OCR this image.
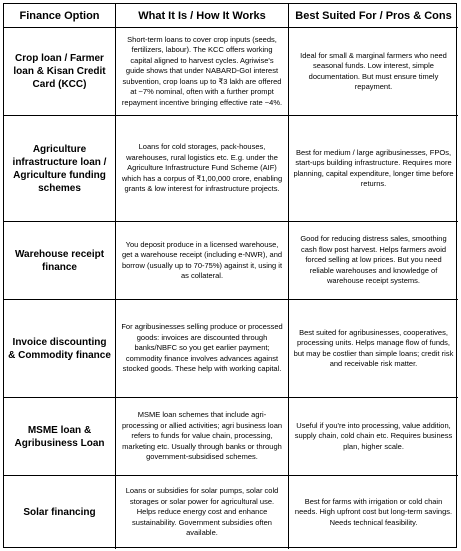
Finance Option	What It Is / How It Works	Best Suited For / Pros & Cons
Crop loan / Farmer loan & Kisan Credit Card (KCC)
Short-term loans to cover crop inputs (seeds, fertilizers, labour). The KCC offers working capital aligned to harvest cycles. Agriwise's guide shows that under NABARD-GoI interest subvention, crop loans up to ₹3 lakh are offered at ~7% nominal, often with a further prompt repayment incentive bringing effective rate ~4%.
Ideal for small & marginal farmers who need seasonal funds. Low interest, simple documentation. But must ensure timely repayment.
Agriculture infrastructure loan / Agriculture funding schemes
Loans for cold storages, pack-houses, warehouses, rural logistics etc. E.g. under the Agriculture Infrastructure Fund Scheme (AIF) which has a corpus of ₹1,00,000 crore, enabling grants & low interest for infrastructure projects.
Best for medium / large agribusinesses, FPOs, start-ups building infrastructure. Requires more planning, capital expenditure, longer time before returns.
Warehouse receipt finance
You deposit produce in a licensed warehouse, get a warehouse receipt (including e-NWR), and borrow (usually up to 70-75%) against it, using it as collateral.
Good for reducing distress sales, smoothing cash flow post harvest. Helps farmers avoid forced selling at low prices. But you need reliable warehouses and knowledge of warehouse receipt systems.
Invoice discounting & Commodity finance
For agribusinesses selling produce or processed goods: invoices are discounted through banks/NBFC so you get earlier payment; commodity finance involves advances against stocked goods. These help with working capital.
Best suited for agribusinesses, cooperatives, processing units. Helps manage flow of funds, but may be costlier than simple loans; credit risk and receivable risk matter.
MSME loan & Agribusiness Loan
MSME loan schemes that include agri-processing or allied activities; agri business loan refers to funds for value chain, processing, marketing etc. Usually through banks or through government-subsidised schemes.
Useful if you're into processing, value addition, supply chain, cold chain etc. Requires business plan, higher scale.
Solar financing
Loans or subsidies for solar pumps, solar cold storages or solar power for agricultural use. Helps reduce energy cost and enhance sustainability. Government subsidies often available.
Best for farms with irrigation or cold chain needs. High upfront cost but long-term savings. Needs technical feasibility.
